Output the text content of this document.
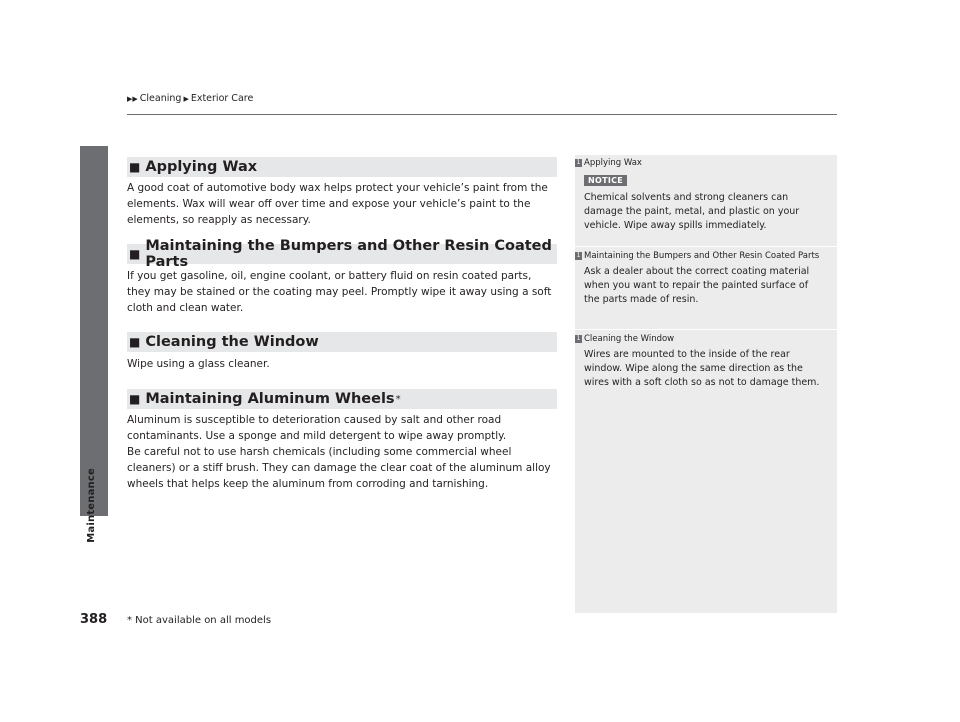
▶▶ Cleaning ▶ Exterior Care
Maintenance
■ Applying Wax
A good coat of automotive body wax helps protect your vehicle’s paint from the elements. Wax will wear off over time and expose your vehicle’s paint to the elements, so reapply as necessary.
■ Maintaining the Bumpers and Other Resin Coated Parts
If you get gasoline, oil, engine coolant, or battery fluid on resin coated parts, they may be stained or the coating may peel. Promptly wipe it away using a soft cloth and clean water.
■ Cleaning the Window
Wipe using a glass cleaner.
■ Maintaining Aluminum Wheels *
Aluminum is susceptible to deterioration caused by salt and other road contaminants. Use a sponge and mild detergent to wipe away promptly.
Be careful not to use harsh chemicals (including some commercial wheel cleaners) or a stiff brush. They can damage the clear coat of the aluminum alloy wheels that helps keep the aluminum from corroding and tarnishing.
1 Applying Wax
NOTICE
Chemical solvents and strong cleaners can damage the paint, metal, and plastic on your vehicle. Wipe away spills immediately.
1 Maintaining the Bumpers and Other Resin Coated Parts
Ask a dealer about the correct coating material when you want to repair the painted surface of the parts made of resin.
1 Cleaning the Window
Wires are mounted to the inside of the rear window. Wipe along the same direction as the wires with a soft cloth so as not to damage them.
388 * Not available on all models
